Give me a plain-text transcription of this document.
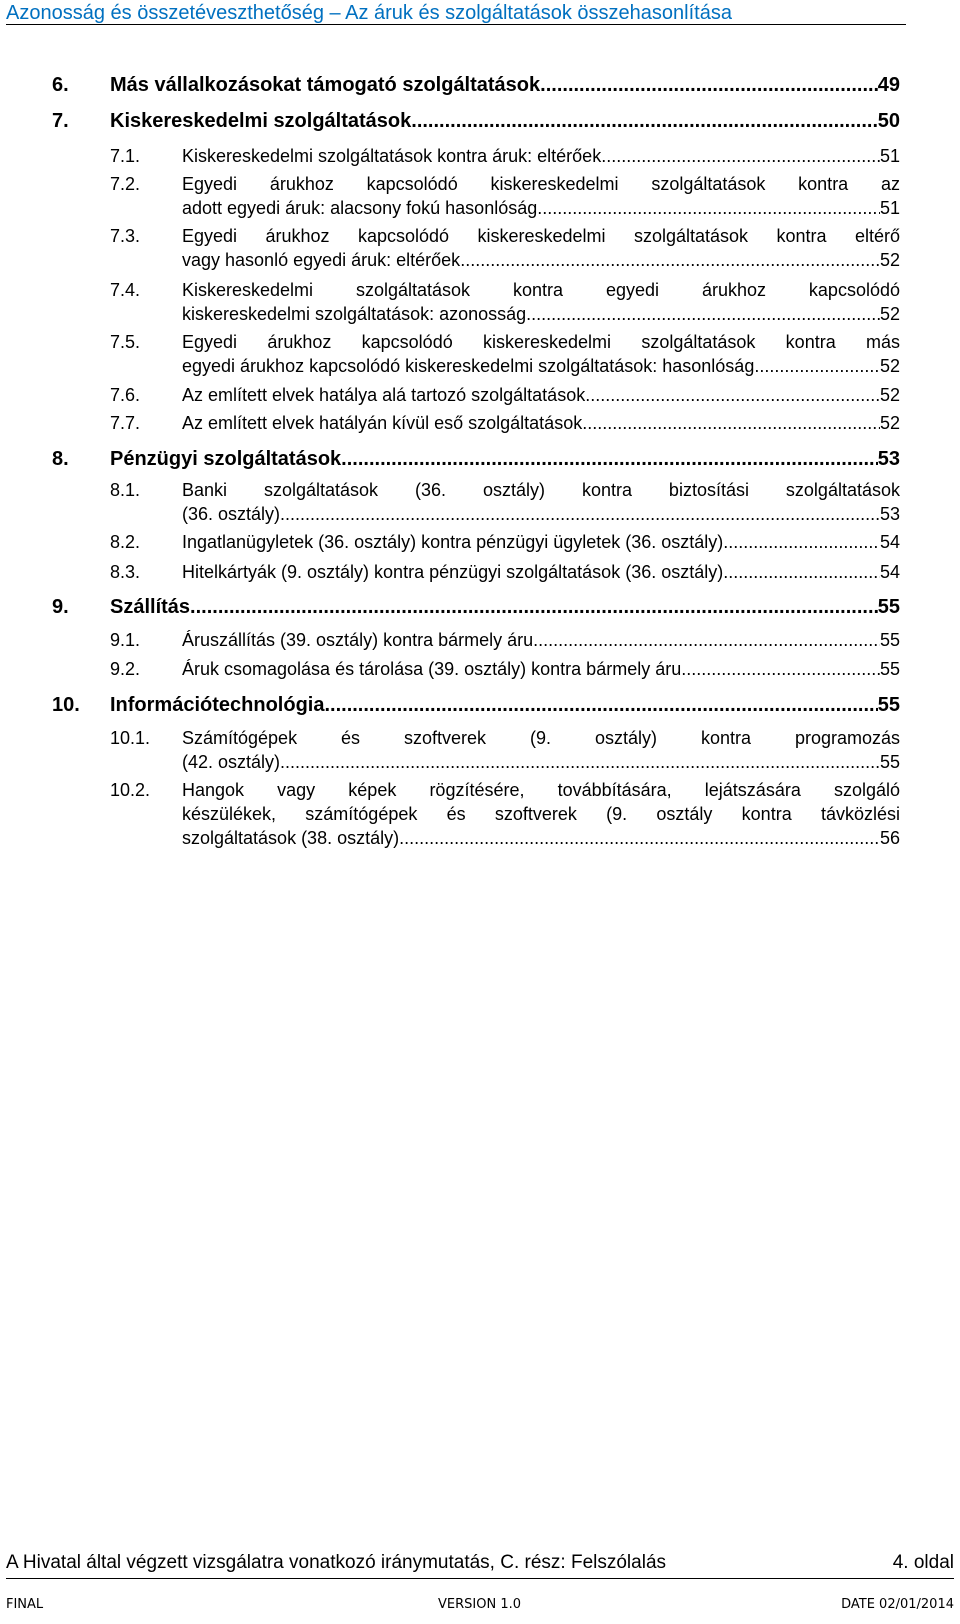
Azonosság és összetéveszthetőség – Az áruk és szolgáltatások összehasonlítása
6.	Más vállalkozásokat támogató szolgáltatások .....	49
7.	Kiskereskedelmi szolgáltatások .....	50
7.1.	Kiskereskedelmi szolgáltatások kontra áruk: eltérőek .....	51
7.2.	Egyedi árukhoz kapcsolódó kiskereskedelmi szolgáltatások kontra az
adott egyedi áruk: alacsony fokú hasonlóság .....	51
7.3.	Egyedi árukhoz kapcsolódó kiskereskedelmi szolgáltatások kontra eltérő
vagy hasonló egyedi áruk: eltérőek .....	52
7.4.	Kiskereskedelmi szolgáltatások kontra egyedi árukhoz kapcsolódó
kiskereskedelmi szolgáltatások: azonosság .....	52
7.5.	Egyedi árukhoz kapcsolódó kiskereskedelmi szolgáltatások kontra más
egyedi árukhoz kapcsolódó kiskereskedelmi szolgáltatások: hasonlóság .....	52
7.6.	Az említett elvek hatálya alá tartozó szolgáltatások .....	52
7.7.	Az említett elvek hatályán kívül eső szolgáltatások .....	52
8.	Pénzügyi szolgáltatások .....	53
8.1.	Banki szolgáltatások (36. osztály) kontra biztosítási szolgáltatások
(36. osztály) .....	53
8.2.	Ingatlanügyletek (36. osztály) kontra pénzügyi ügyletek (36. osztály) .....	54
8.3.	Hitelkártyák (9. osztály) kontra pénzügyi szolgáltatások (36. osztály) .....	54
9.	Szállítás .....	55
9.1.	Áruszállítás (39. osztály) kontra bármely áru .....	55
9.2.	Áruk csomagolása és tárolása (39. osztály) kontra bármely áru .....	55
10.	Információtechnológia .....	55
10.1.	Számítógépek és szoftverek (9. osztály) kontra programozás
(42. osztály) .....	55
10.2.	Hangok vagy képek rögzítésére, továbbítására, lejátszására szolgáló
készülékek, számítógépek és szoftverek (9. osztály kontra távközlési
szolgáltatások (38. osztály) .....	56
A Hivatal által végzett vizsgálatra vonatkozó iránymutatás, C. rész: Felszólalás	4. oldal
FINAL	VERSION 1.0	DATE 02/01/2014
